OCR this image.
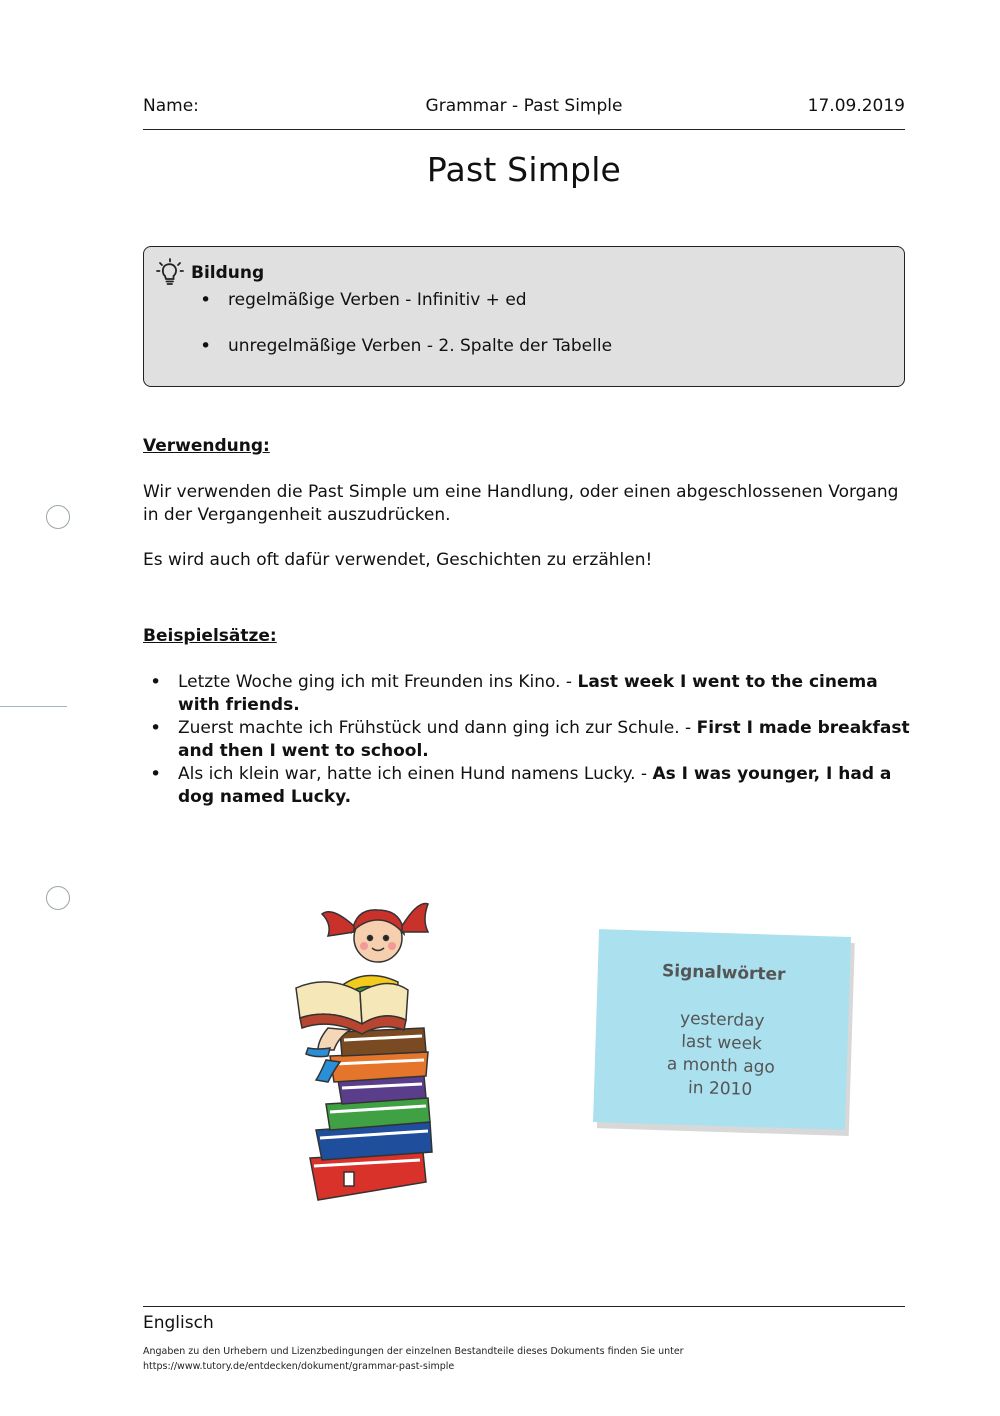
Grammar - Past Simple
Name:	17.09.2019
Past Simple
Bildung
• regelmäßige Verben - Infinitiv + ed
• unregelmäßige Verben - 2. Spalte der Tabelle
Verwendung:

Wir verwenden die Past Simple um eine Handlung, oder einen abgeschlossenen Vorgang in der Vergangenheit auszudrücken.

Es wird auch oft dafür verwendet, Geschichten zu erzählen!

Beispielsätze:
• Letzte Woche ging ich mit Freunden ins Kino. - Last week I went to the cinema with friends.
• Zuerst machte ich Frühstück und dann ging ich zur Schule. - First I made breakfast and then I went to school.
• Als ich klein war, hatte ich einen Hund namens Lucky. - As I was younger, I had a dog named Lucky.
Signalwörter
yesterday
last week
a month ago
in 2010
Englisch
Angaben zu den Urhebern und Lizenzbedingungen der einzelnen Bestandteile dieses Dokuments finden Sie unter
https://www.tutory.de/entdecken/dokument/grammar-past-simple
